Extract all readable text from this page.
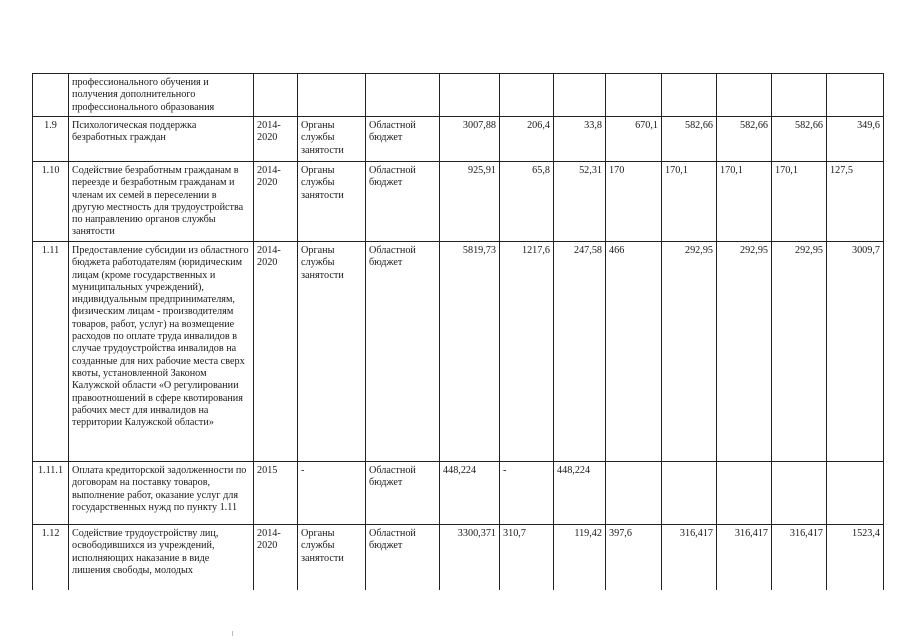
	профессионального обучения и получения дополнительного профессионального образования											
1.9	Психологическая поддержка безработных граждан	2014-2020	Органы службы занятости	Областной бюджет	3007,88	206,4	33,8	670,1	582,66	582,66	582,66	349,6
1.10	Содействие безработным гражданам в переезде и безработным гражданам и членам их семей в переселении в другую местность для трудоустройства по направлению органов службы занятости	2014-2020	Органы службы занятости	Областной бюджет	925,91	65,8	52,31	170	170,1	170,1	170,1	127,5
1.11	Предоставление субсидии из областного бюджета работодателям (юридическим лицам (кроме государственных и муниципальных учреждений), индивидуальным предпринимателям, физическим лицам - производителям товаров, работ, услуг) на возмещение расходов по оплате труда инвалидов в случае трудоустройства инвалидов на созданные для них рабочие места сверх квоты, установленной Законом Калужской области «О регулировании правоотношений в сфере квотирования рабочих мест для инвалидов на территории Калужской области»	2014-2020	Органы службы занятости	Областной бюджет	5819,73	1217,6	247,58	466	292,95	292,95	292,95	3009,7
1.11.1	Оплата кредиторской задолженности по договорам на поставку товаров, выполнение работ, оказание услуг для государственных нужд по пункту 1.11	2015	-	Областной бюджет	448,224	-	448,224					
1.12	Содействие трудоустройству лиц, освободившихся из учреждений, исполняющих наказание в виде лишения свободы, молодых	2014-2020	Органы службы занятости	Областной бюджет	3300,371	310,7	119,42	397,6	316,417	316,417	316,417	1523,4
